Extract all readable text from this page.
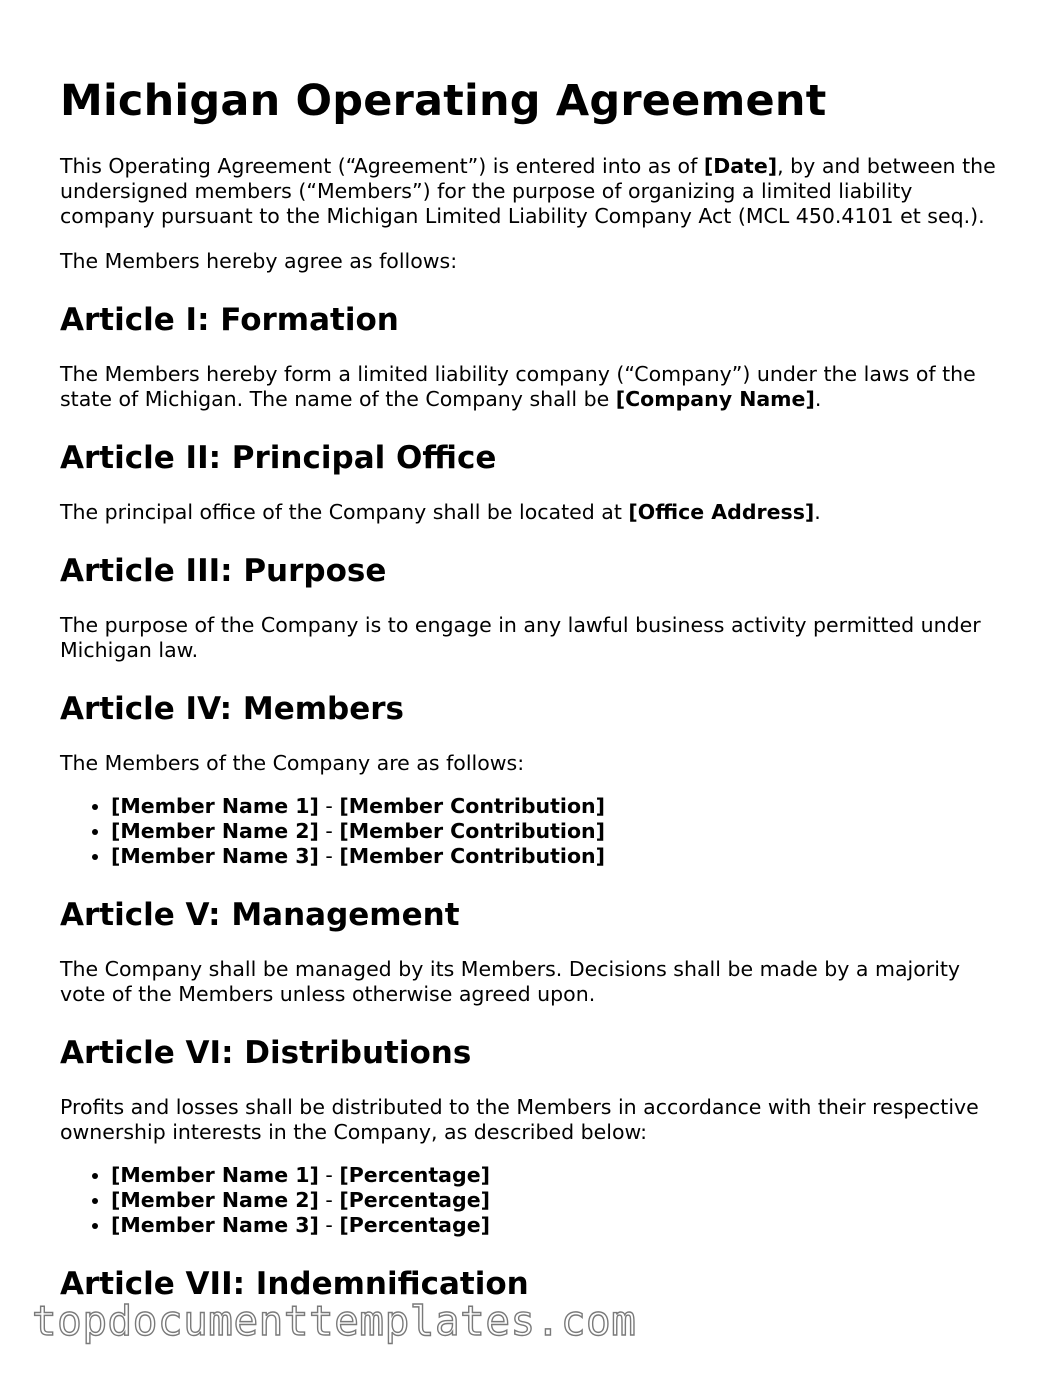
Michigan Operating Agreement

This Operating Agreement (“Agreement”) is entered into as of [Date], by and between the undersigned members (“Members”) for the purpose of organizing a limited liability company pursuant to the Michigan Limited Liability Company Act (MCL 450.4101 et seq.).

The Members hereby agree as follows:

Article I: Formation

The Members hereby form a limited liability company (“Company”) under the laws of the state of Michigan. The name of the Company shall be [Company Name].

Article II: Principal Office

The principal office of the Company shall be located at [Office Address].

Article III: Purpose

The purpose of the Company is to engage in any lawful business activity permitted under Michigan law.

Article IV: Members

The Members of the Company are as follows:

• [Member Name 1] - [Member Contribution]
• [Member Name 2] - [Member Contribution]
• [Member Name 3] - [Member Contribution]
Article V: Management

The Company shall be managed by its Members. Decisions shall be made by a majority vote of the Members unless otherwise agreed upon.

Article VI: Distributions

Profits and losses shall be distributed to the Members in accordance with their respective ownership interests in the Company, as described below:

• [Member Name 1] - [Percentage]
• [Member Name 2] - [Percentage]
• [Member Name 3] - [Percentage]
Article VII: Indemnification
topdocumenttemplates.com
